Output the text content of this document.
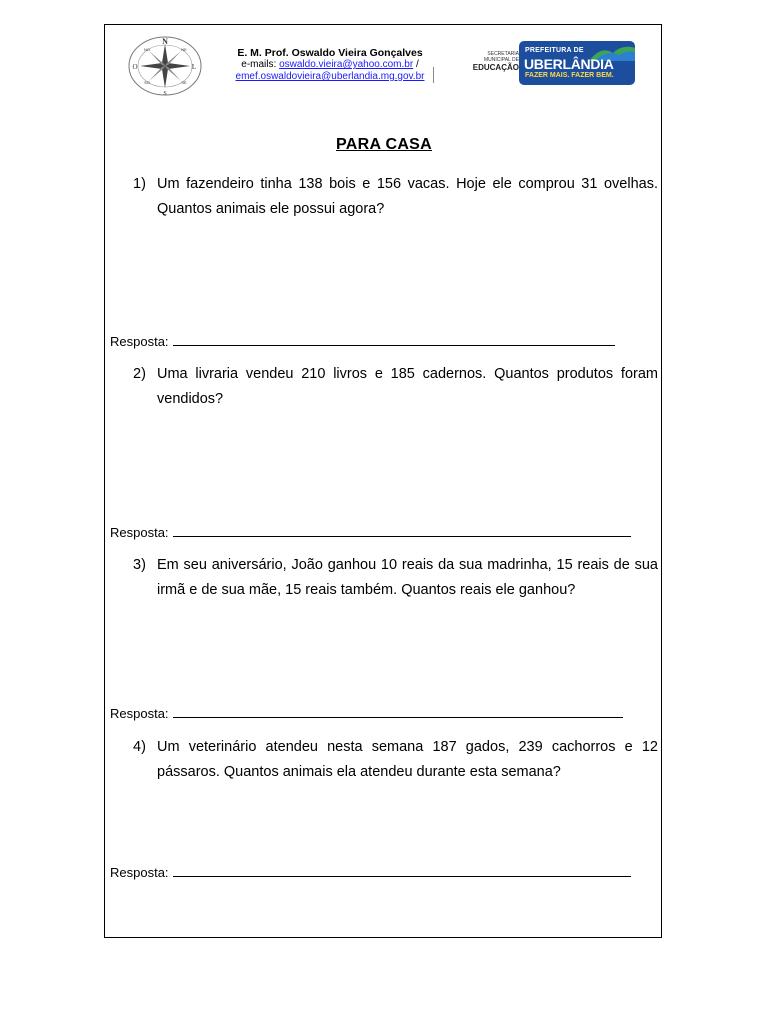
N
S
L
O
NO	NE
SO	SE
E. M. Prof. Oswaldo Vieira Gonçalves
e-mails: oswaldo.vieira@yahoo.com.br /
emef.oswaldovieira@uberlandia.mg.gov.br
SECRETARIA
MUNICIPAL DE
EDUCAÇÃO
PREFEITURA DE
UBERLÂNDIA
FAZER MAIS. FAZER BEM.
PARA CASA
1) Um fazendeiro tinha 138 bois e 156 vacas. Hoje ele comprou 31 ovelhas. Quantos animais ele possui agora?
Resposta:
2) Uma livraria vendeu 210 livros e 185 cadernos. Quantos produtos foram vendidos?
Resposta:
3) Em seu aniversário, João ganhou 10 reais da sua madrinha, 15 reais de sua irmã e de sua mãe, 15 reais também. Quantos reais ele ganhou?
Resposta:
4) Um veterinário atendeu nesta semana 187 gados, 239 cachorros e 12 pássaros. Quantos animais ela atendeu durante esta semana?
Resposta:
